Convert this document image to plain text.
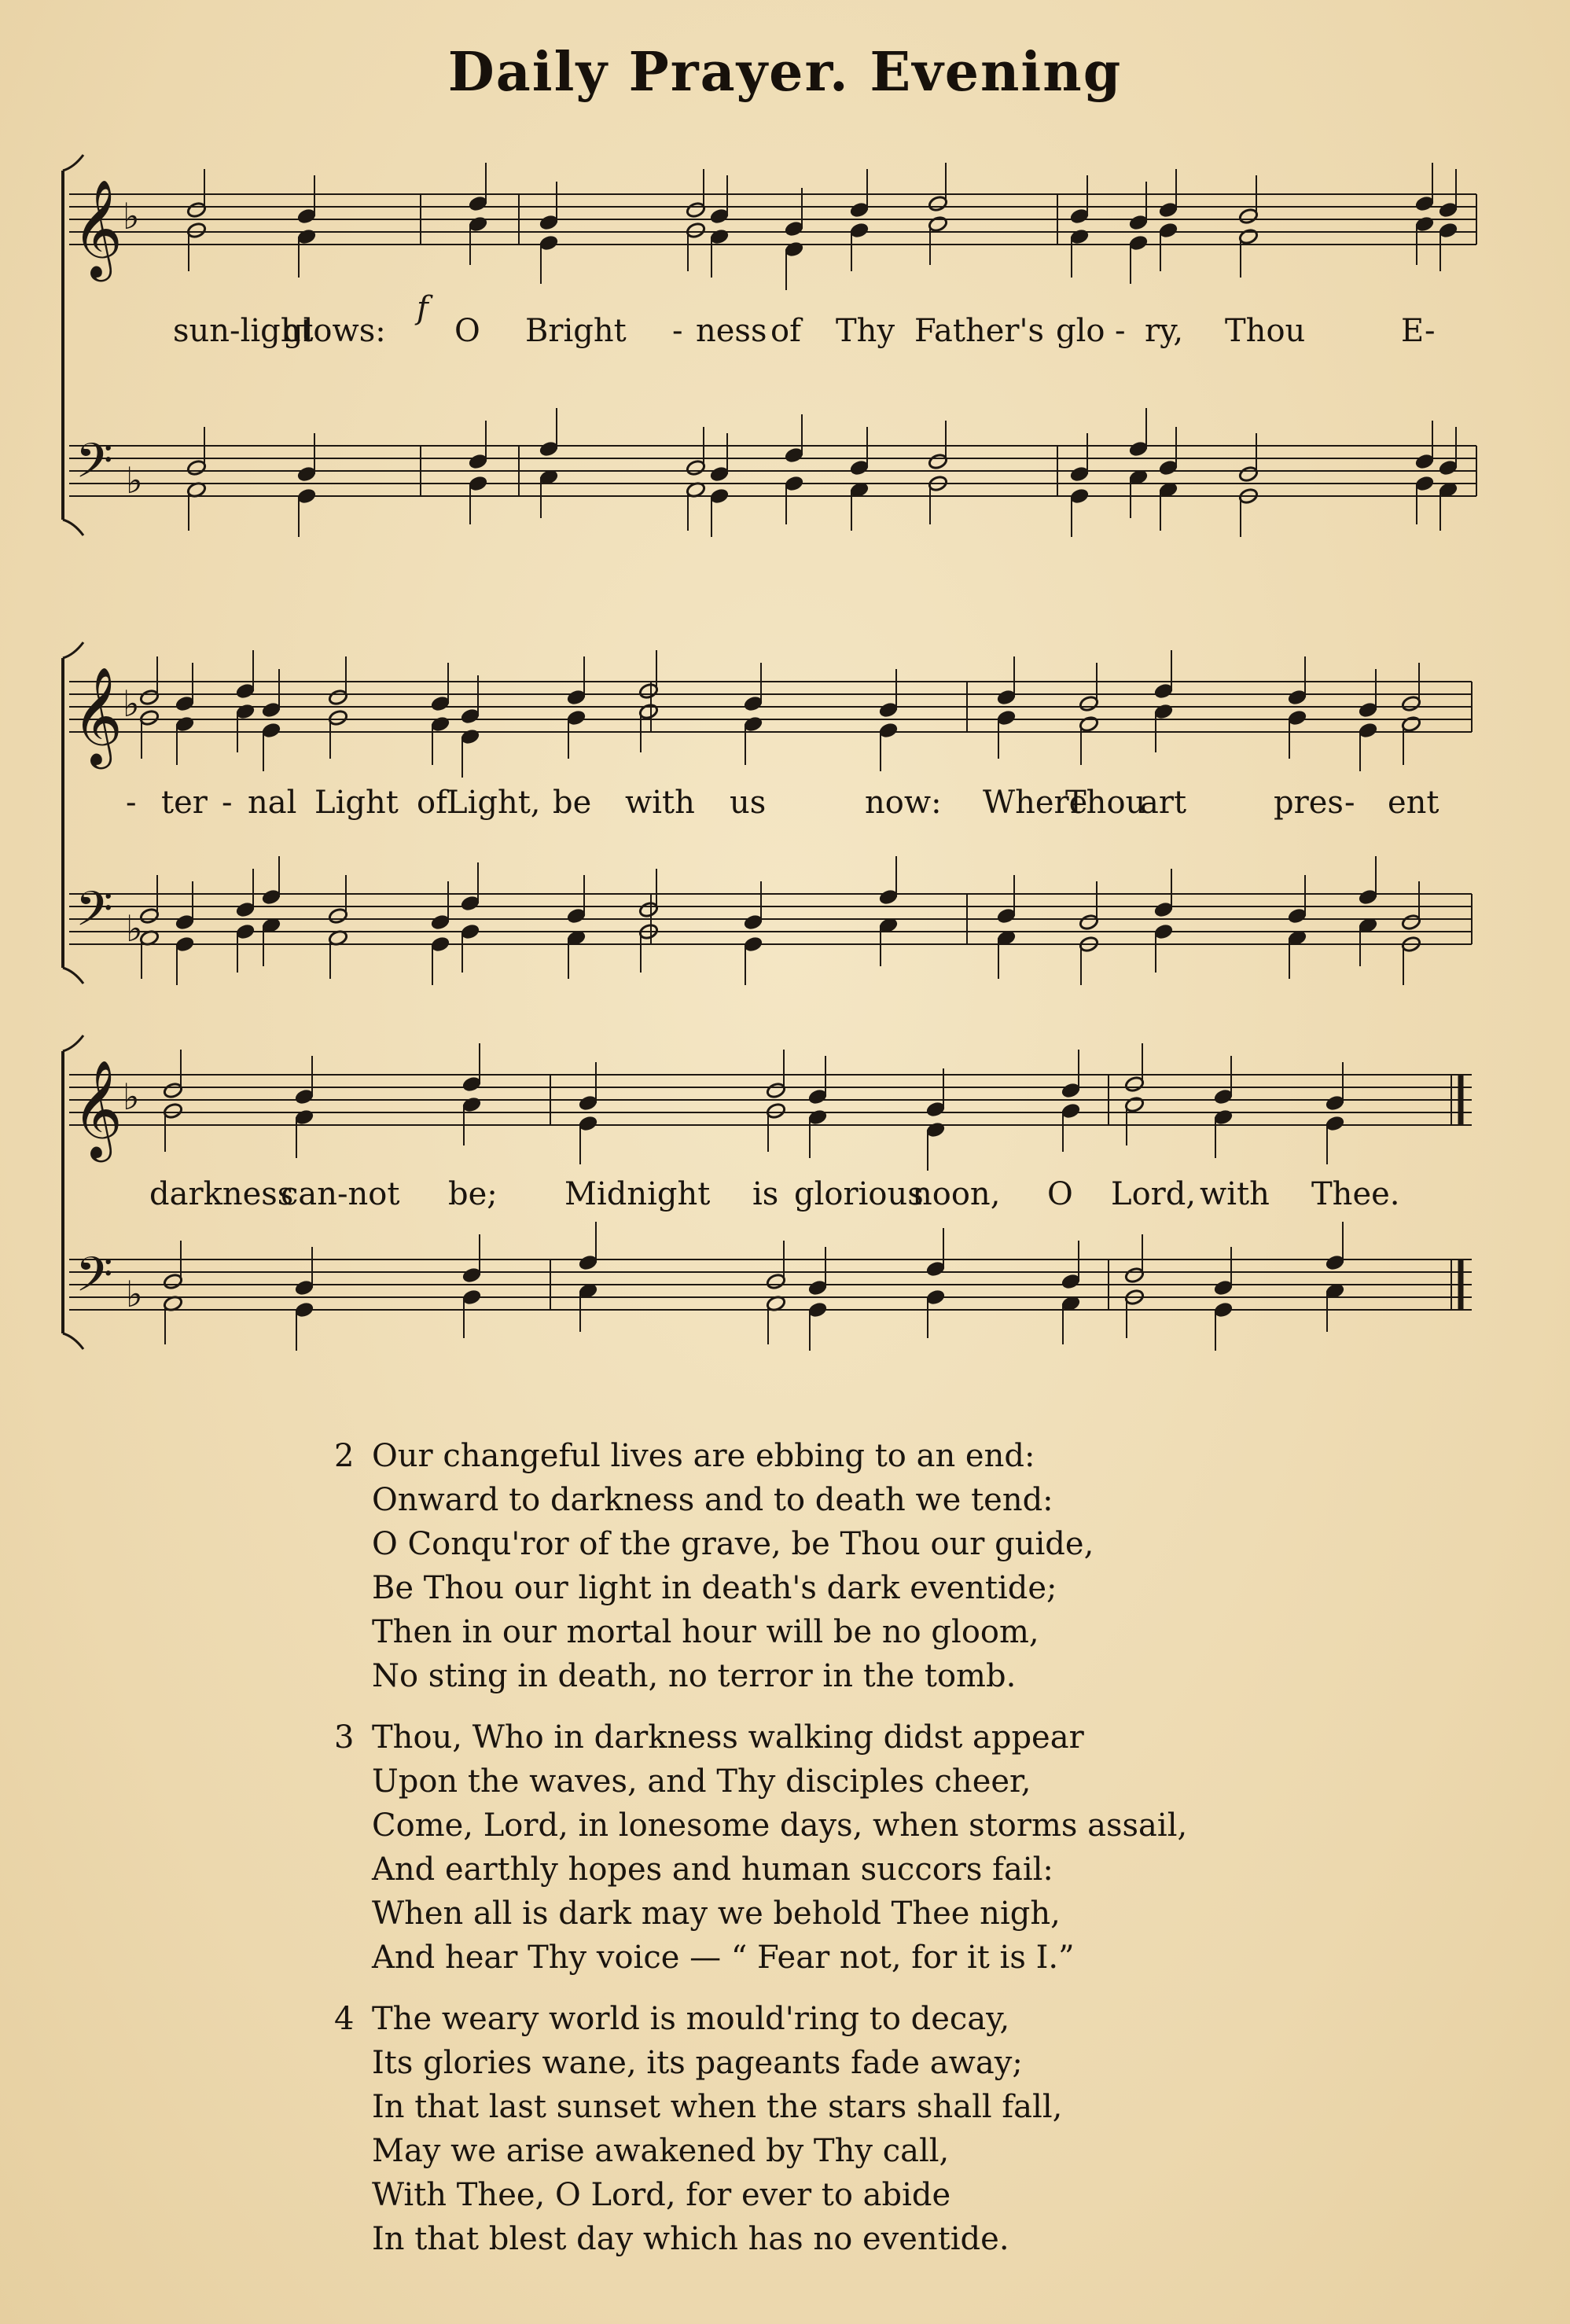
Daily Prayer. Evening
𝄞
𝄢
♭
♭
𝄞
𝄢
♭
♭
𝄞
𝄢
♭
♭
f
sun-light
glows: O Bright - ness of Thy Father's glo - ry, Thou	E -
- ter - nal Light of Light, be with us	now: Where
Thou
art	pres - ent
darkness
can-not be; Midnight is glorious
noon, O Lord, with Thee.
2 Our changeful lives are ebbing to an end:
Onward to darkness and to death we tend:
O Conqu'ror of the grave, be Thou our guide,
Be Thou our light in death's dark eventide;
Then in our mortal hour will be no gloom,
No sting in death, no terror in the tomb.
3 Thou, Who in darkness walking didst appear
Upon the waves, and Thy disciples cheer,
Come, Lord, in lonesome days, when storms assail,
And earthly hopes and human succors fail:
When all is dark may we behold Thee nigh,
And hear Thy voice — “ Fear not, for it is I.”
4 The weary world is mould'ring to decay,
Its glories wane, its pageants fade away;
In that last sunset when the stars shall fall,
May we arise awakened by Thy call,
With Thee, O Lord, for ever to abide
In that blest day which has no eventide.
